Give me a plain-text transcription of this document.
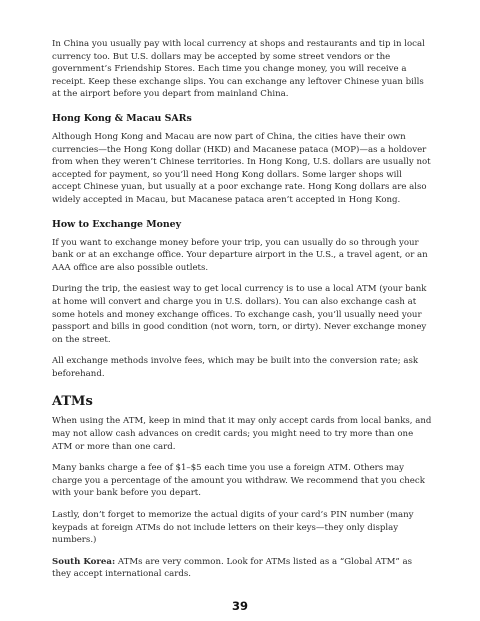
In China you usually pay with local currency at shops and restaurants and tip in local currency too. But U.S. dollars may be accepted by some street vendors or the government’s Friendship Stores. Each time you change money, you will receive a receipt. Keep these exchange slips. You can exchange any leftover Chinese yuan bills at the airport before you depart from mainland China.

Hong Kong & Macau SARs

Although Hong Kong and Macau are now part of China, the cities have their own currencies—the Hong Kong dollar (HKD) and Macanese pataca (MOP)—as a holdover from when they weren’t Chinese territories. In Hong Kong, U.S. dollars are usually not accepted for payment, so you’ll need Hong Kong dollars. Some larger shops will accept Chinese yuan, but usually at a poor exchange rate. Hong Kong dollars are also widely accepted in Macau, but Macanese pataca aren’t accepted in Hong Kong.

How to Exchange Money

If you want to exchange money before your trip, you can usually do so through your bank or at an exchange office. Your departure airport in the U.S., a travel agent, or an AAA office are also possible outlets.

During the trip, the easiest way to get local currency is to use a local ATM (your bank at home will convert and charge you in U.S. dollars). You can also exchange cash at some hotels and money exchange offices. To exchange cash, you’ll usually need your passport and bills in good condition (not worn, torn, or dirty). Never exchange money on the street.

All exchange methods involve fees, which may be built into the conversion rate; ask beforehand.

ATMs

When using the ATM, keep in mind that it may only accept cards from local banks, and may not allow cash advances on credit cards; you might need to try more than one ATM or more than one card.

Many banks charge a fee of $1–$5 each time you use a foreign ATM. Others may charge you a percentage of the amount you withdraw. We recommend that you check with your bank before you depart.

Lastly, don’t forget to memorize the actual digits of your card’s PIN number (many keypads at foreign ATMs do not include letters on their keys—they only display numbers.)

South Korea: ATMs are very common. Look for ATMs listed as a “Global ATM” as they accept international cards.

39
